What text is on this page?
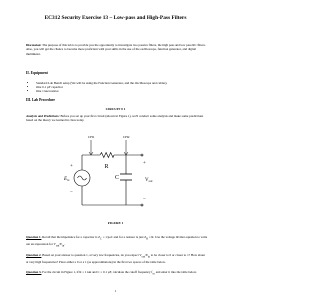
EC312 Security Exercise 13 – Low-pass and High-Pass Filters
Discussion: The purpose of this lab is to provide you the opportunity to investigate two passive filters, the high pass and low pass RC filters. Also, you will get the chance to become more proficient with your skills in the use of the oscilloscope, function generator, and digital multimeter.
II. Equipment
• Standard Lab Bench setup (We will be using the Function Generator, and the Oscilloscope and cables).
• One 0.1 µF capacitor
• One 1 kΩ resistor
III. Lab Procedure
CIRCUIT # 1
Analysis and Predictions: Before you set up your first circuit (shown in Figure 1), we'll conduct some analysis and make some predictions based on the theory we learned in class today.
CH1	CH2
+
−
$E_{in}$
R
C
+
−
$V_{out}$
FIGURE 1
Question 1. Recall that the impedance for a capacitor is $Z_C = 1/j\omega C$ and for a resistor is just $Z_R = R$. Use the voltage divider equation to write out an expression for $V_{out}/E_{in}$.
Question 2. Based on your answer to question 1, at very low frequencies, do you expect $V_{out}/E_{in}$ to be closer to 0 or closer to 1? How about at very high frequencies? Place either a 0 or a 1 (as approximations) in the first two spaces of the table below.
Question 3. For the circuit in Figure 1, if R = 1 kΩ and C = 0.1 µF, calculate the cutoff frequency $f_{co}$ and enter it into the table below.
1
